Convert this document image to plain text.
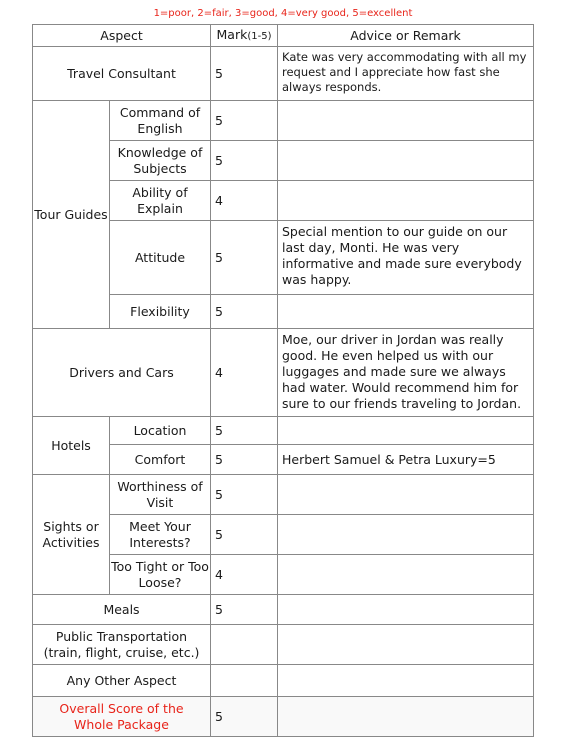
1=poor, 2=fair, 3=good, 4=very good, 5=excellent
Aspect		Mark(1-5)	Advice or Remark
Travel Consultant		5	Kate was very accommodating with all my request and I appreciate how fast she always responds.
Tour Guides	Command of English	5	
	Knowledge of Subjects	5	
	Ability of Explain	4	
	Attitude	5	Special mention to our guide on our last day, Monti. He was very informative and made sure everybody was happy.
	Flexibility	5	
Drivers and Cars		4	Moe, our driver in Jordan was really good. He even helped us with our luggages and made sure we always had water. Would recommend him for sure to our friends traveling to Jordan.
Hotels	Location	5	
	Comfort	5	Herbert Samuel & Petra Luxury=5
Sights or Activities	Worthiness of Visit	5	
	Meet Your Interests?	5	
	Too Tight or Too Loose?	4	
Meals		5	

Public Transportation
(train, flight, cruise, etc.)			

Any Other Aspect			

Overall Score of the Whole Package		5	
